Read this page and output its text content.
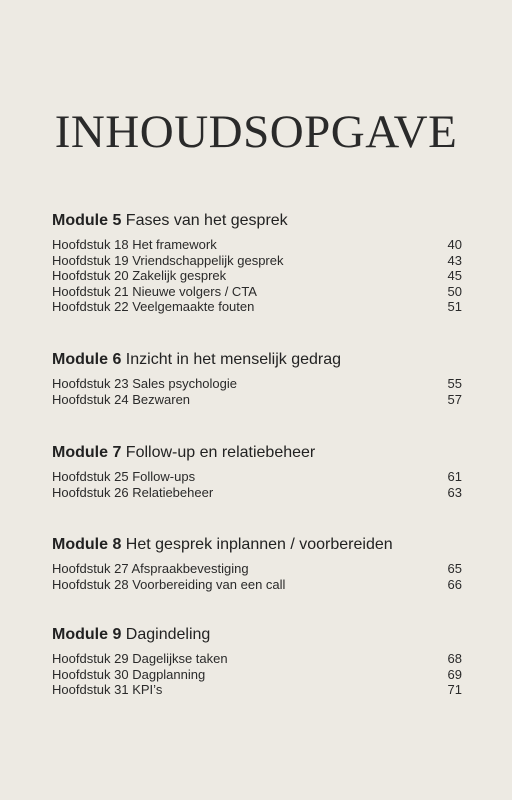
INHOUDSOPGAVE
Module 5 Fases van het gesprek
Hoofdstuk 18 Het framework	40
Hoofdstuk 19 Vriendschappelijk gesprek	43
Hoofdstuk 20 Zakelijk gesprek	45
Hoofdstuk 21 Nieuwe volgers / CTA	50
Hoofdstuk 22 Veelgemaakte fouten	51
Module 6 Inzicht in het menselijk gedrag
Hoofdstuk 23 Sales psychologie	55
Hoofdstuk 24 Bezwaren	57
Module 7 Follow-up en relatiebeheer
Hoofdstuk 25 Follow-ups	61
Hoofdstuk 26 Relatiebeheer	63
Module 8 Het gesprek inplannen / voorbereiden
Hoofdstuk 27 Afspraakbevestiging	65
Hoofdstuk 28 Voorbereiding van een call	66
Module 9 Dagindeling
Hoofdstuk 29 Dagelijkse taken	68
Hoofdstuk 30 Dagplanning	69
Hoofdstuk 31 KPI’s	71
